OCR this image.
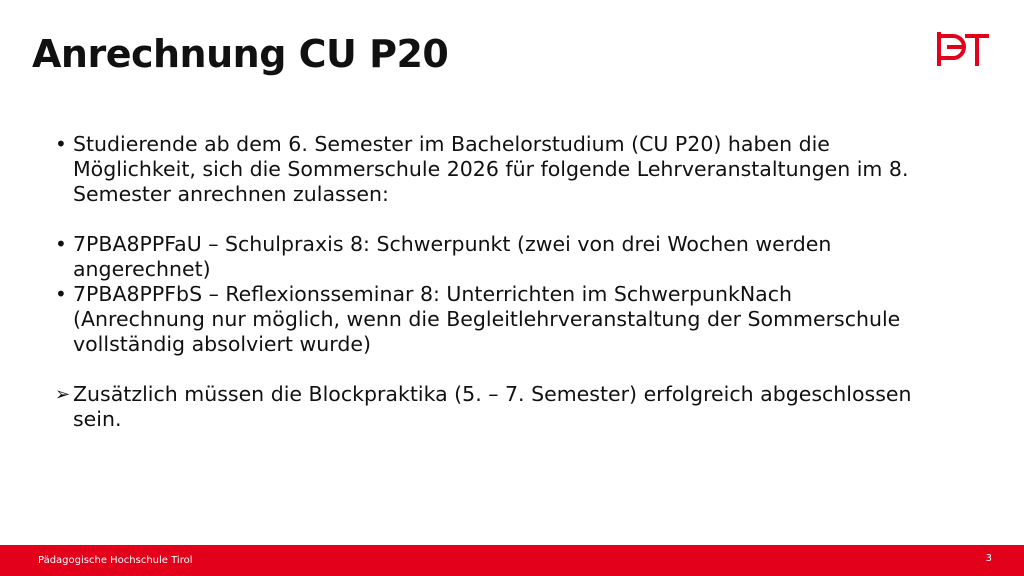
Anrechnung CU P20
• Studierende ab dem 6. Semester im Bachelorstudium (CU P20) haben die Möglichkeit, sich die Sommerschule 2026 für folgende Lehrveranstaltungen im 8. Semester anrechnen zulassen:
• 7PBA8PPFaU – Schulpraxis 8: Schwerpunkt (zwei von drei Wochen werden angerechnet)
• 7PBA8PPFbS – Reflexionsseminar 8: Unterrichten im SchwerpunkNach (Anrechnung nur möglich, wenn die Begleitlehrveranstaltung der Sommerschule vollständig absolviert wurde)
➢ Zusätzlich müssen die Blockpraktika (5. – 7. Semester) erfolgreich abgeschlossen sein.
Pädagogische Hochschule Tirol	3
